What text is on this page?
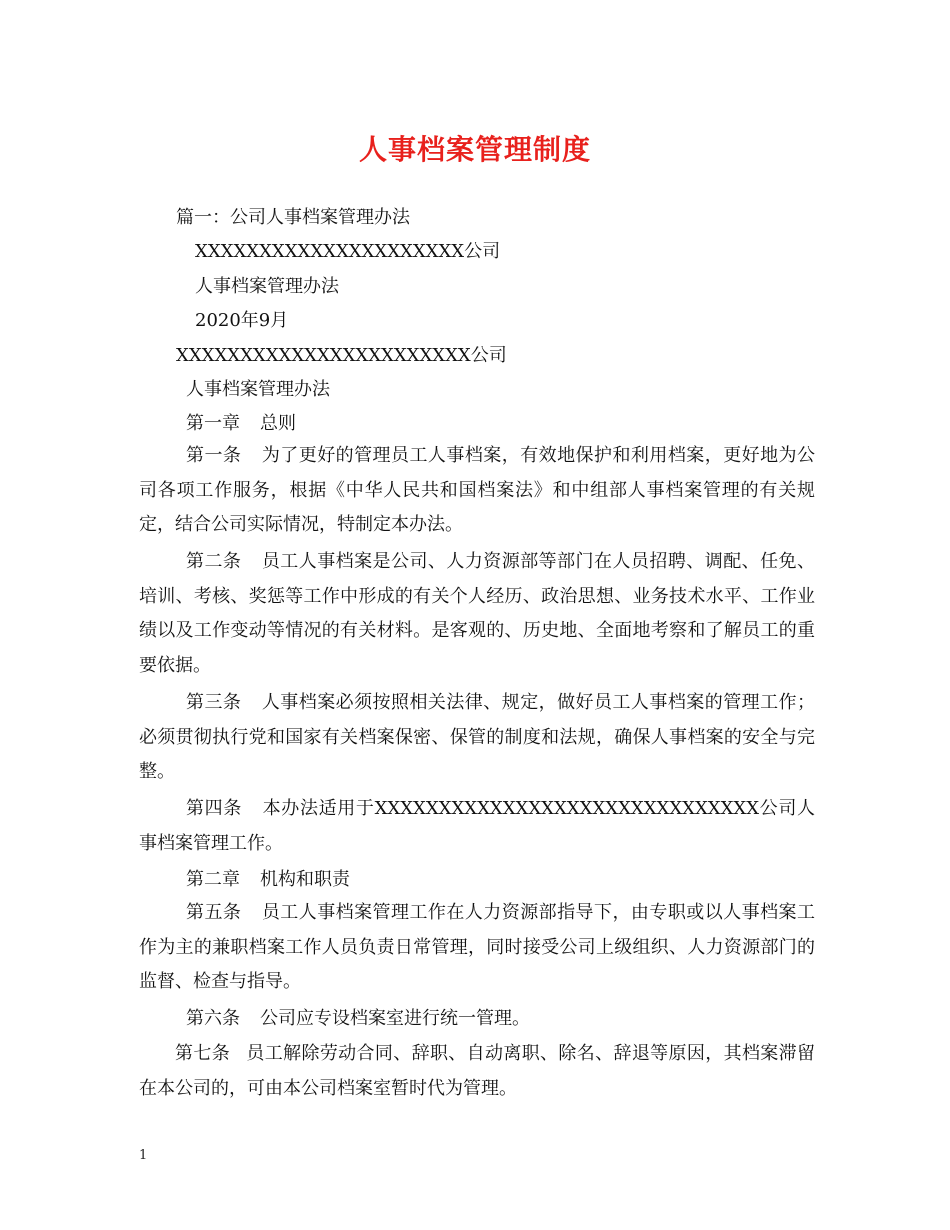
人事档案管理制度

篇一：公司人事档案管理办法

XXXXXXXXXXXXXXXXXXXXX公司

人事档案管理办法

2020年9月

XXXXXXXXXXXXXXXXXXXXXXX公司

人事档案管理办法

第一章 总则

第一条 为了更好的管理员工人事档案，有效地保护和利用档案，更好地为公司各项工作服务，根据《中华人民共和国档案法》和中组部人事档案管理的有关规定，结合公司实际情况，特制定本办法。

第二条 员工人事档案是公司、人力资源部等部门在人员招聘、调配、任免、培训、考核、奖惩等工作中形成的有关个人经历、政治思想、业务技术水平、工作业绩以及工作变动等情况的有关材料。是客观的、历史地、全面地考察和了解员工的重要依据。

第三条 人事档案必须按照相关法律、规定，做好员工人事档案的管理工作；必须贯彻执行党和国家有关档案保密、保管的制度和法规，确保人事档案的安全与完整。

第四条 本办法适用于XXXXXXXXXXXXXXXXXXXXXXXXXXXXXX公司人事档案管理工作。

第二章 机构和职责

第五条 员工人事档案管理工作在人力资源部指导下，由专职或以人事档案工作为主的兼职档案工作人员负责日常管理，同时接受公司上级组织、人力资源部门的监督、检查与指导。

第六条 公司应专设档案室进行统一管理。

第七条 员工解除劳动合同、辞职、自动离职、除名、辞退等原因，其档案滞留在本公司的，可由本公司档案室暂时代为管理。

1
